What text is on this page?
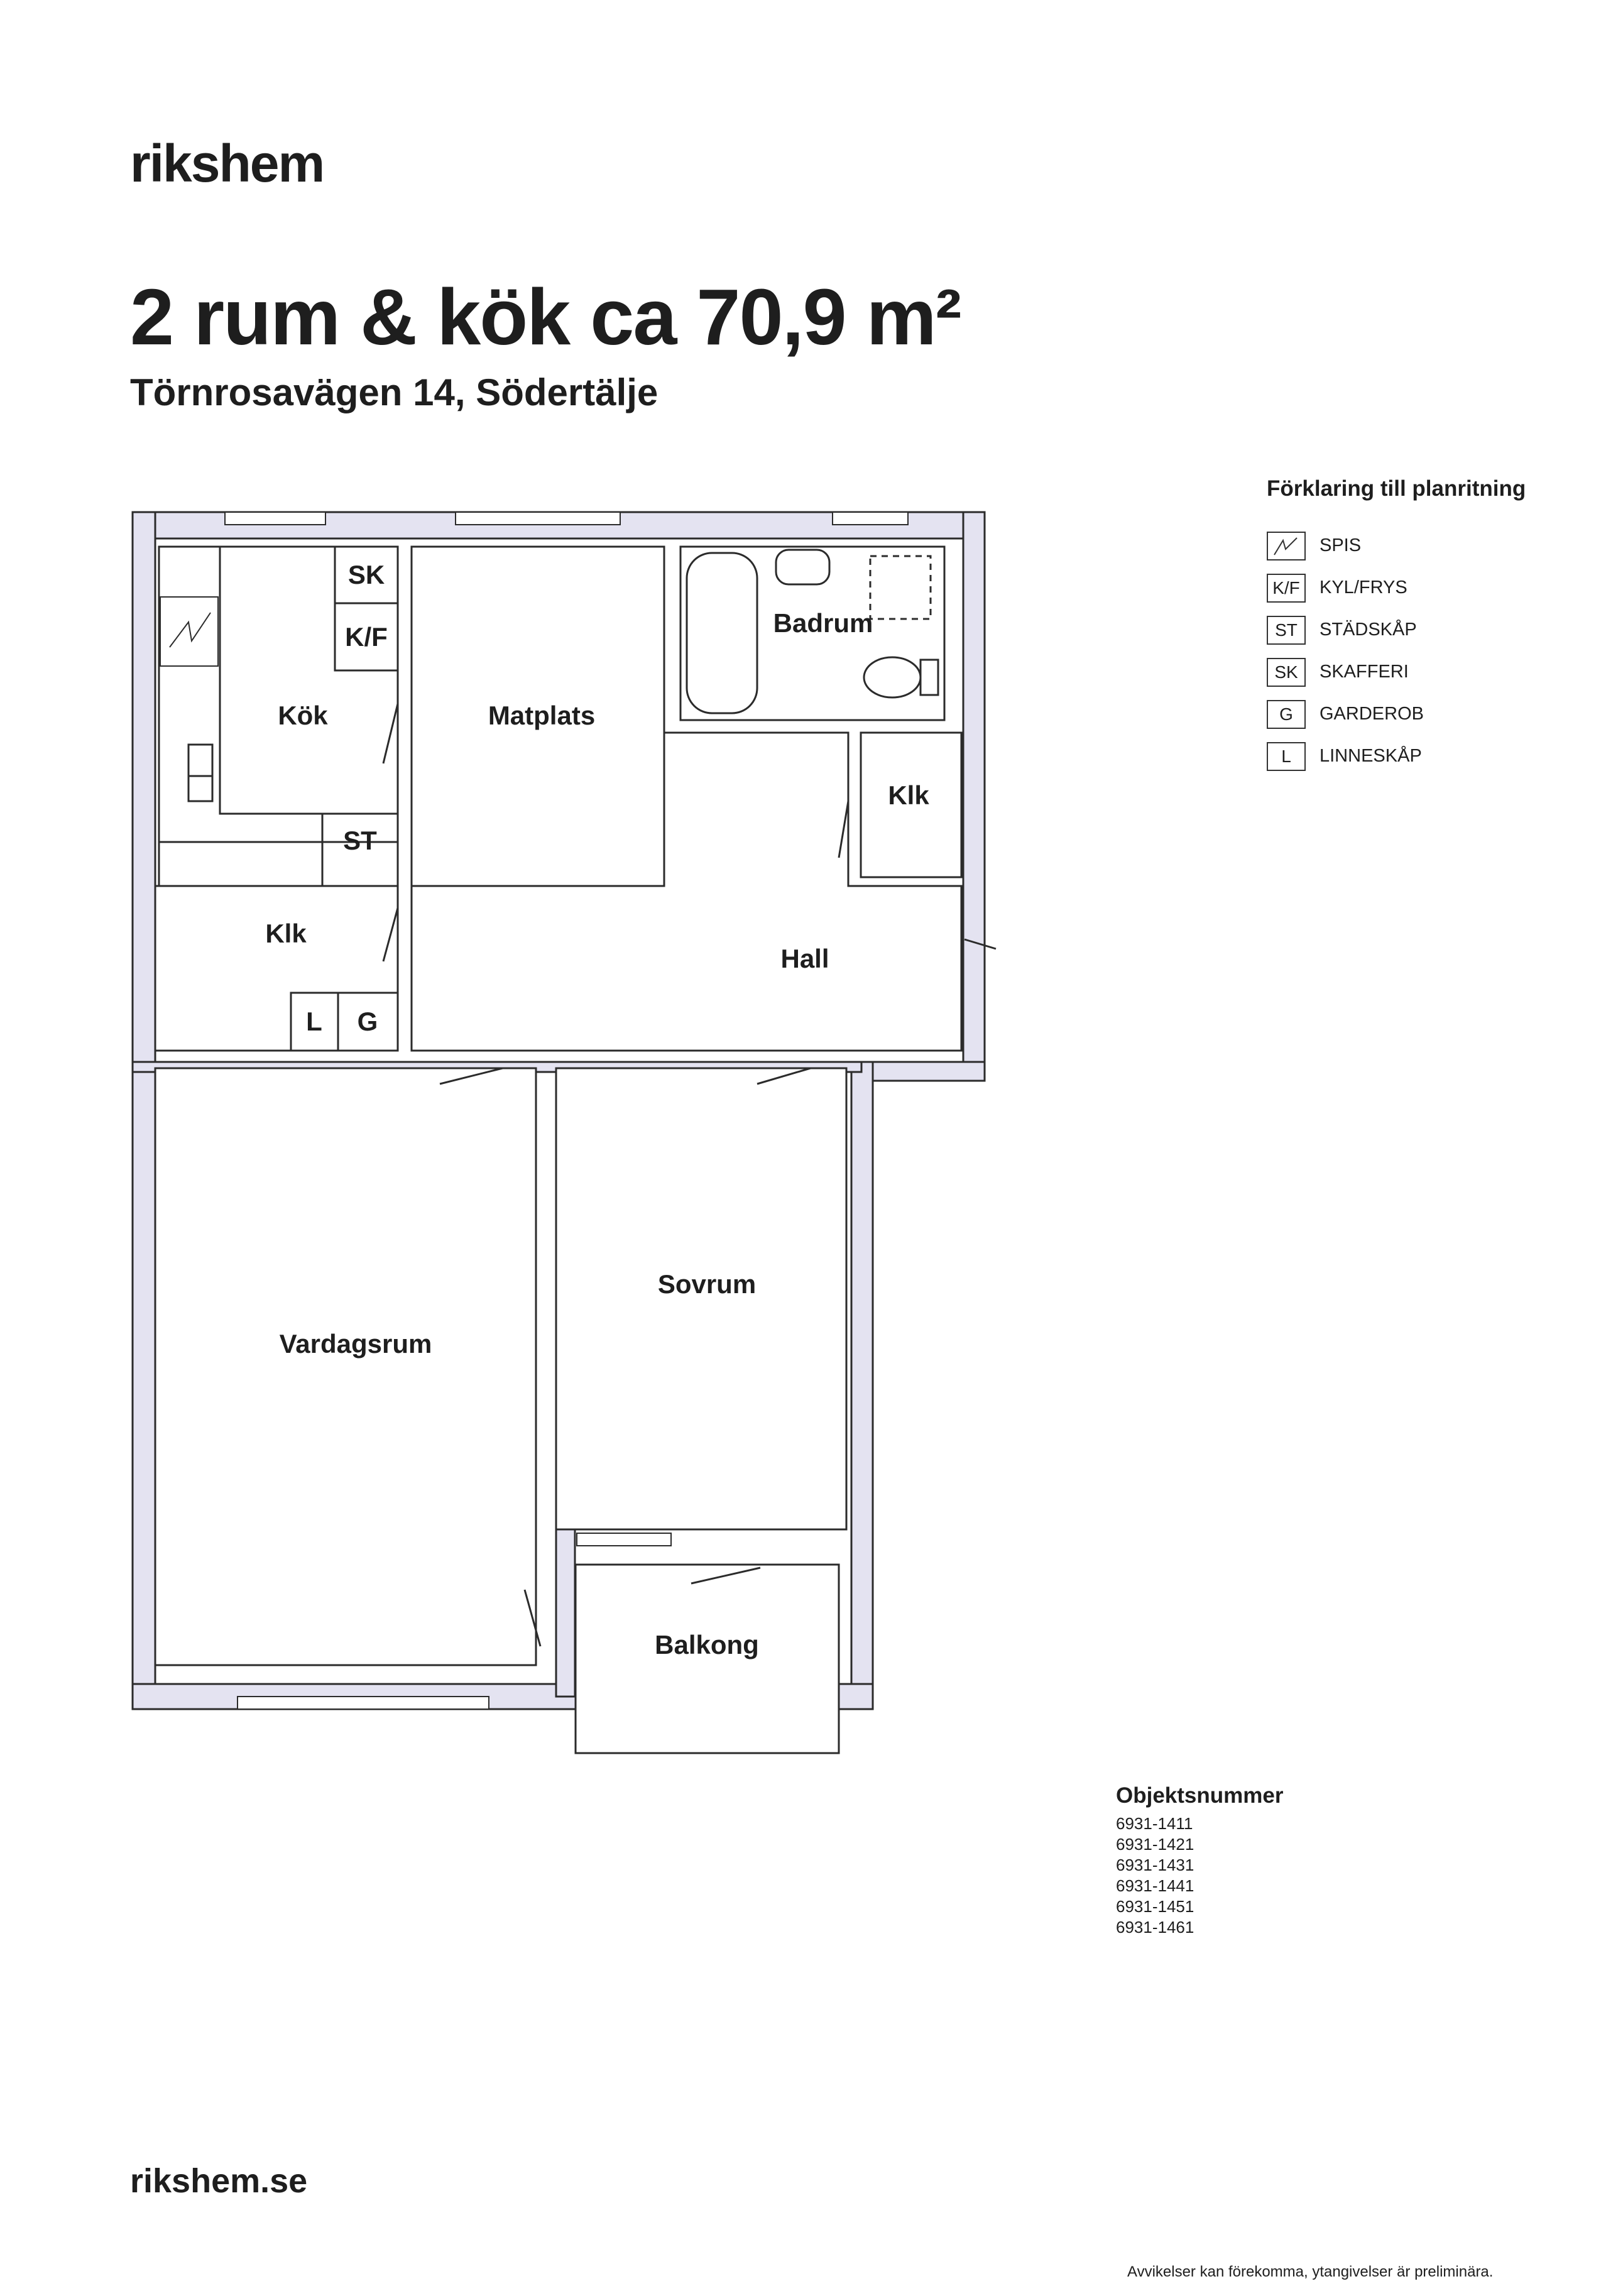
rikshem
2 rum & kök ca 70,9 m²
Törnrosavägen 14, Södertälje
Kök	Matplats
Badrum
Klk
Klk
Hall
Vardagsrum
Sovrum
Balkong
SK
K/F
ST
L G
Förklaring till planritning
SPIS
K/F	KYL/FRYS
ST	STÄDSKÅP
SK	SKAFFERI
G	GARDEROB
L	LINNESKÅP
Objektsnummer
6931-1411
6931-1421
6931-1431
6931-1441
6931-1451
6931-1461
rikshem.se
Avvikelser kan förekomma, ytangivelser är preliminära.
